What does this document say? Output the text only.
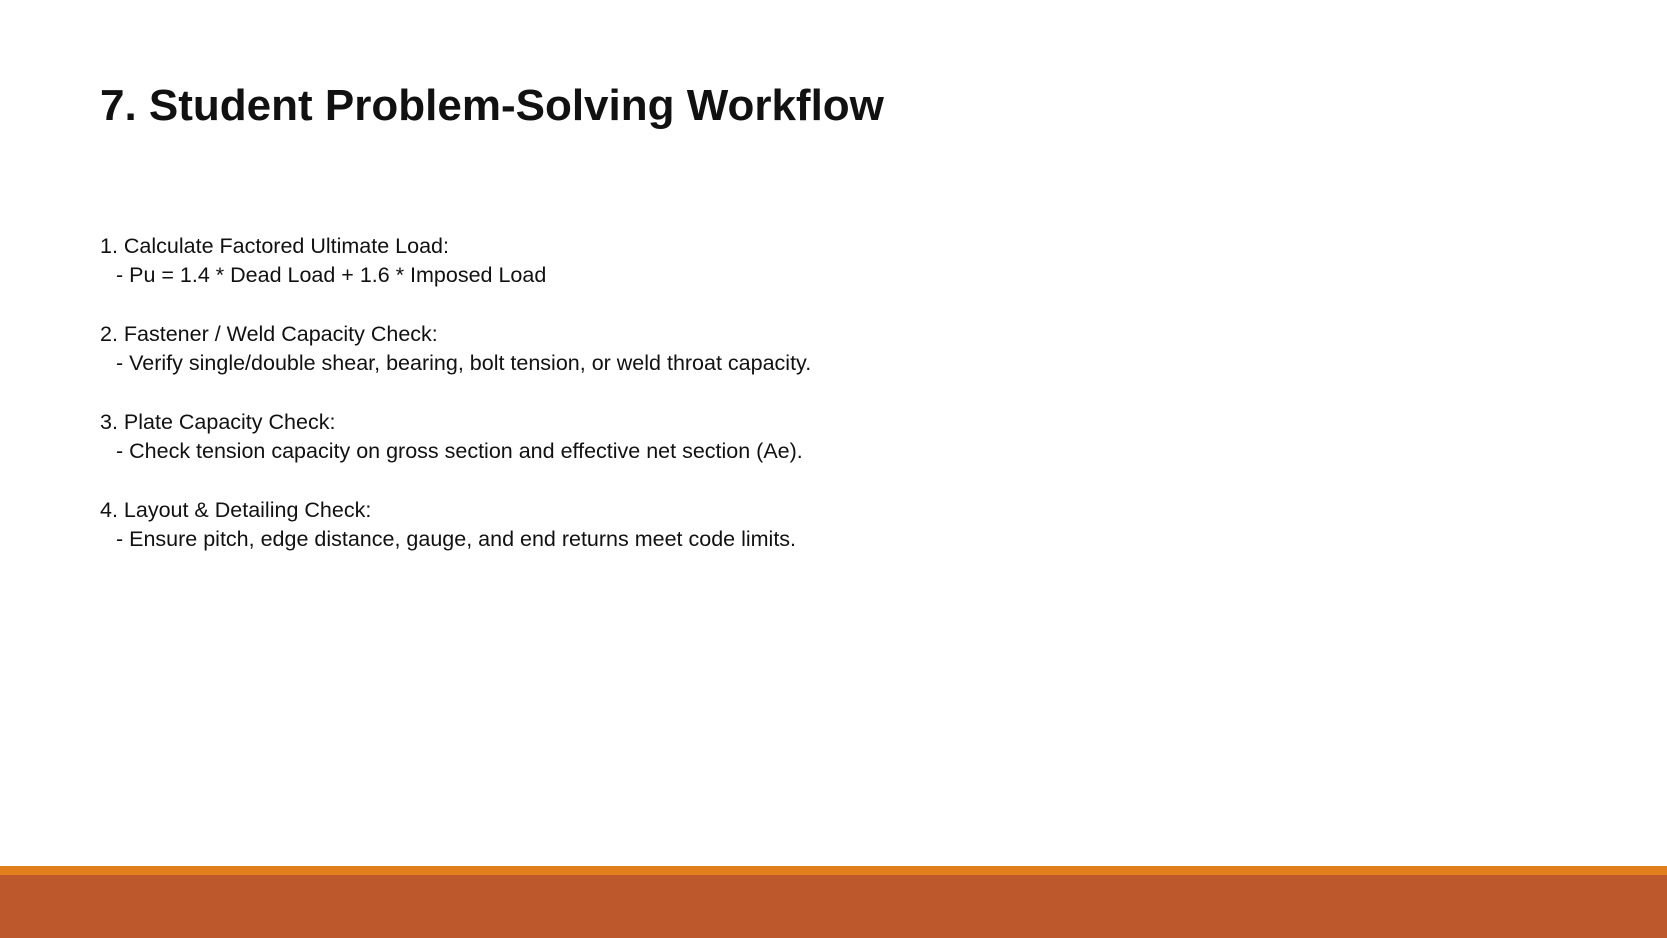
7. Student Problem-Solving Workflow
1. Calculate Factored Ultimate Load:
- Pu = 1.4 * Dead Load + 1.6 * Imposed Load
2. Fastener / Weld Capacity Check:
- Verify single/double shear, bearing, bolt tension, or weld throat capacity.
3. Plate Capacity Check:
- Check tension capacity on gross section and effective net section (Ae).
4. Layout & Detailing Check:
- Ensure pitch, edge distance, gauge, and end returns meet code limits.
